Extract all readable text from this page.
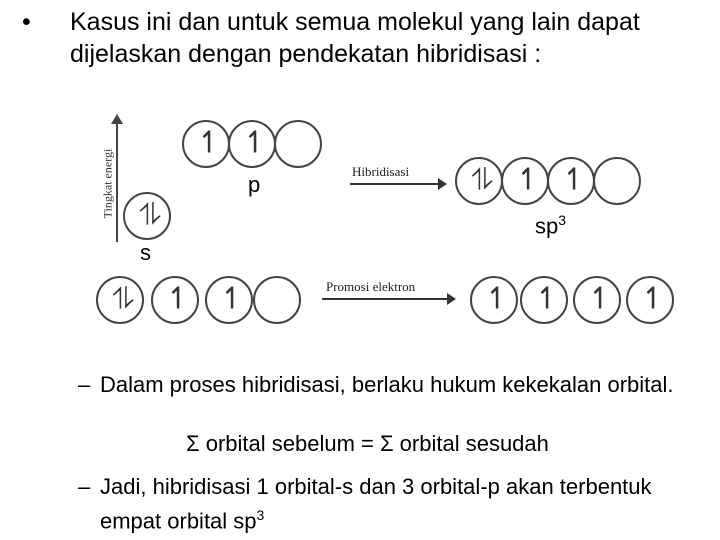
• Kasus ini dan untuk semua molekul yang lain dapat dijelaskan dengan pendekatan hibridisasi :
Tingkat energi
↿ ↿
p
⥮
s
Hibridisasi ⥮ ↿ ↿
$sp^3$
⥮ ↿ ↿	Promosi elektron ↿ ↿ ↿ ↿
– Dalam proses hibridisasi, berlaku hukum kekekalan orbital.
Σ orbital sebelum = Σ orbital sesudah
– Jadi, hibridisasi 1 orbital-s dan 3 orbital-p akan terbentuk empat orbital $sp^3$
